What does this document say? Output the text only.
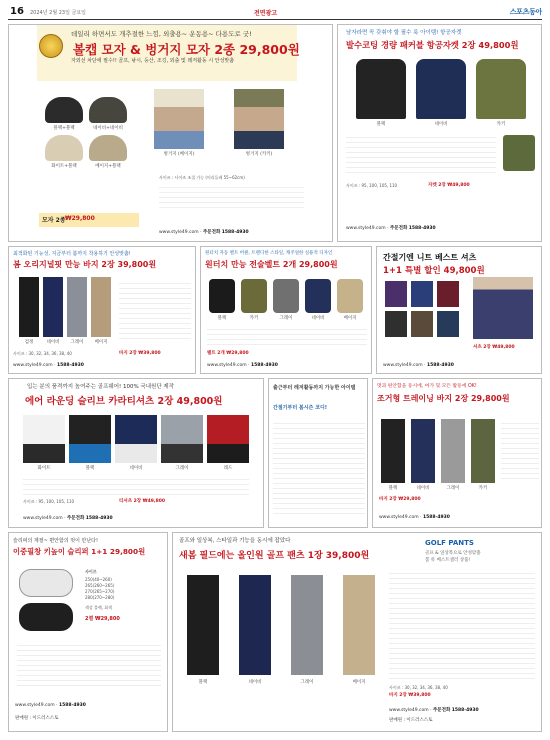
16 2024년 2월 23일 금요일	전면광고	스포츠동아
데일리 하면서도 개추절한 느낌, 외출용~ 운동용~ 다용도로 굿!
볼캡 모자 & 벙거지 모자 2종 29,800원
자외선 차단에 필수!! 골프, 낚시, 등산, 조깅, 외출 및 레저활동 시 안성맞춤
블랙+블랙	네이비+네이비
화이트+블랙	베이지+블랙
벙거지 (베이지)	벙거지 (카키)
사이즈 : 사이즈 조절 가능 (머리둘레 55~62cm)
모자 2종 ₩29,800
www.style49.com · 주문전화 1588-4930
남자라면 꼭 갖춰야 할 필수 룩 아이템! 항공자켓
발수코팅 경량 패커블 항공자켓 2장 49,800원
블랙	네이비	카키
사이즈 : 95, 100, 105, 110	자켓 2장 ₩49,800
www.style49.com · 주문전화 1588-4930
최적화된 기능성, 지금부터 봄까지 착용하기 안성맞춤!
봄 오리지널핏 만능 바지 2장 39,800원
검정	네이비	그레이	베이지
사이즈 : 30, 32, 34, 36, 38, 40	바지 2장 ₩39,800
www.style49.com · 1588-4930
원터치 자동 벨트 버클, 트렌디한 스타일, 캐주얼한 실용적 디자인
원터치 만능 전술벨트 2개 29,800원
블랙	카키	그레이	네이비	베이지
벨트 2개 ₩29,800
www.style49.com · 1588-4930
간절기엔 니트 베스트 셔츠
1+1 특별 할인 49,800원
셔츠 2장 ₩49,800
www.style49.com · 1588-4930
입는 분의 품격까지 높여주는 골프웨어! 100% 국내원단 제작
에어 라운딩 슬리브 카라티셔츠 2장 49,800원
화이트	블랙	네이비	그레이	레드
사이즈 : 95, 100, 105, 110	티셔츠 2장 ₩49,800
www.style49.com · 주문전화 1588-4930
출근부터 레저활동까지 가능한 아이템
간절기부터 봄시즌 코디!
멋과 편안함을 동시에, 여가 및 모든 활동에 OK!
조거형 트레이닝 바지 2장 29,800원
블랙	네이비	그레이	카키
바지 2장 ₩29,800
www.style49.com · 1588-4930
슬리퍼의 계절~ 편안함의 멋이 만난다!
이중필창 키높이 슬리퍼 1+1 29,800원
사이즈
250(40~260)
265(260~265)
270(265~270)
280(270~280)
색상 블랙, 회색
2켤 ₩29,800
www.style49.com · 1588-4930
판매원 : 이드러스스토
골프와 일상복, 스타일과 기능을 동시에 잡았다
새봄 필드에는 올인원 골프 팬츠 1장 39,800원
GOLF PANTS
골프 & 일상복으로 안성맞춤
봄 룩 베스트셀러 상품!
블랙	네이비	그레이	베이지
사이즈 : 30, 32, 34, 36, 38, 40
바지 2장 ₩39,800
www.style49.com · 주문전화 1588-4930
판매원 : 이드러스스토
